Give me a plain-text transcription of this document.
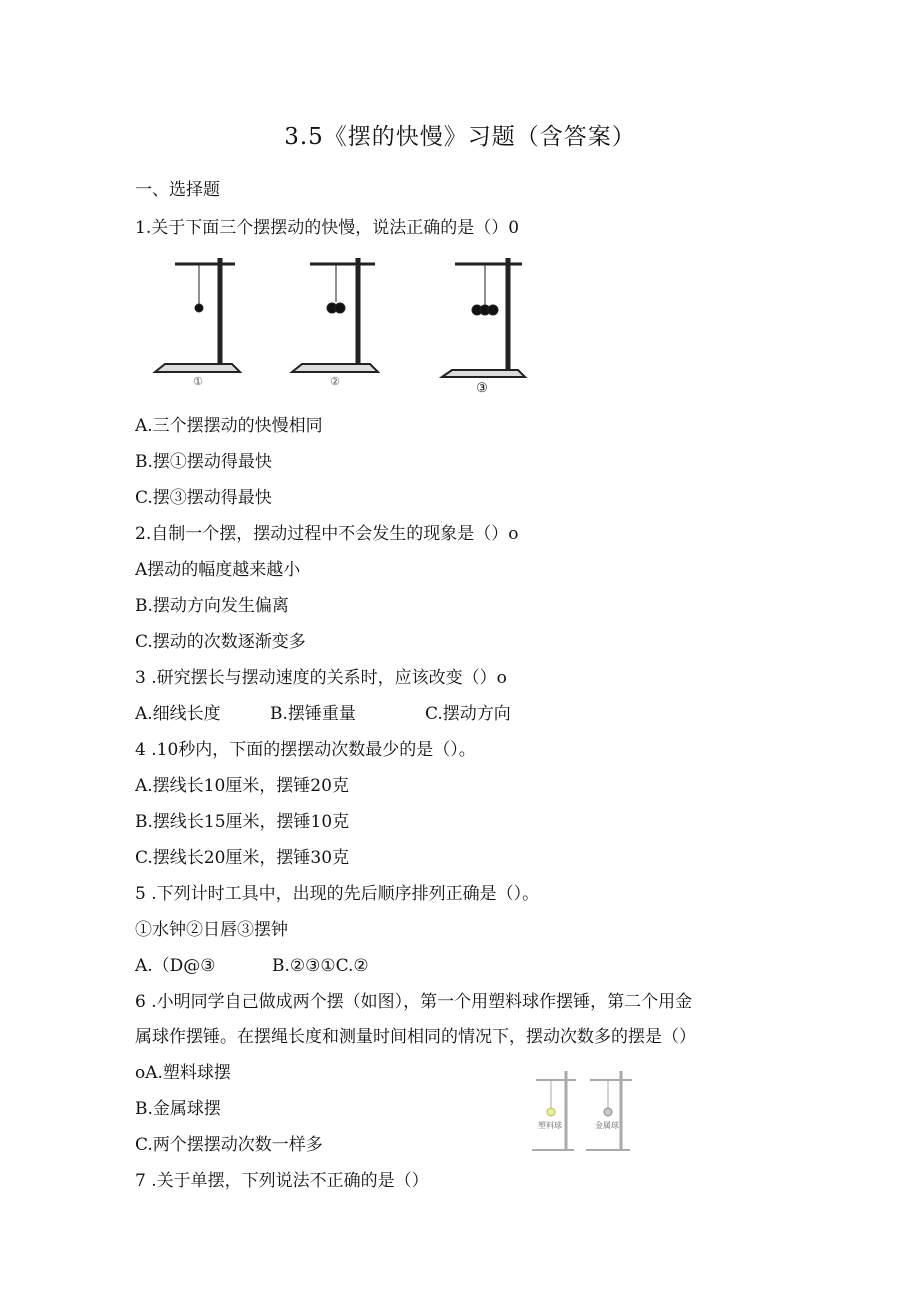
3.5《摆的快慢》习题（含答案）
一、选择题
1.关于下面三个摆摆动的快慢，说法正确的是（）0
①	②	③
A.三个摆摆动的快慢相同
B.摆①摆动得最快
C.摆③摆动得最快
2.自制一个摆，摆动过程中不会发生的现象是（）o
A摆动的幅度越来越小
B.摆动方向发生偏离
C.摆动的次数逐渐变多
3 .研究摆长与摆动速度的关系时，应该改变（）o
A.细线长度	B.摆锤重量	C.摆动方向
4 .10秒内，下面的摆摆动次数最少的是（）。
A.摆线长10厘米，摆锤20克
B.摆线长15厘米，摆锤10克
C.摆线长20厘米，摆锤30克
5 .下列计时工具中，出现的先后顺序排列正确是（）。
①水钟②日唇③摆钟
A.（D@③	B.②③①C.②
6 .小明同学自己做成两个摆（如图），第一个用塑料球作摆锤，第二个用金
属球作摆锤。在摆绳长度和测量时间相同的情况下，摆动次数多的摆是（）
oA.塑料球摆
B.金属球摆
C.两个摆摆动次数一样多
塑料球	金属球
7 .关于单摆，下列说法不正确的是（）
